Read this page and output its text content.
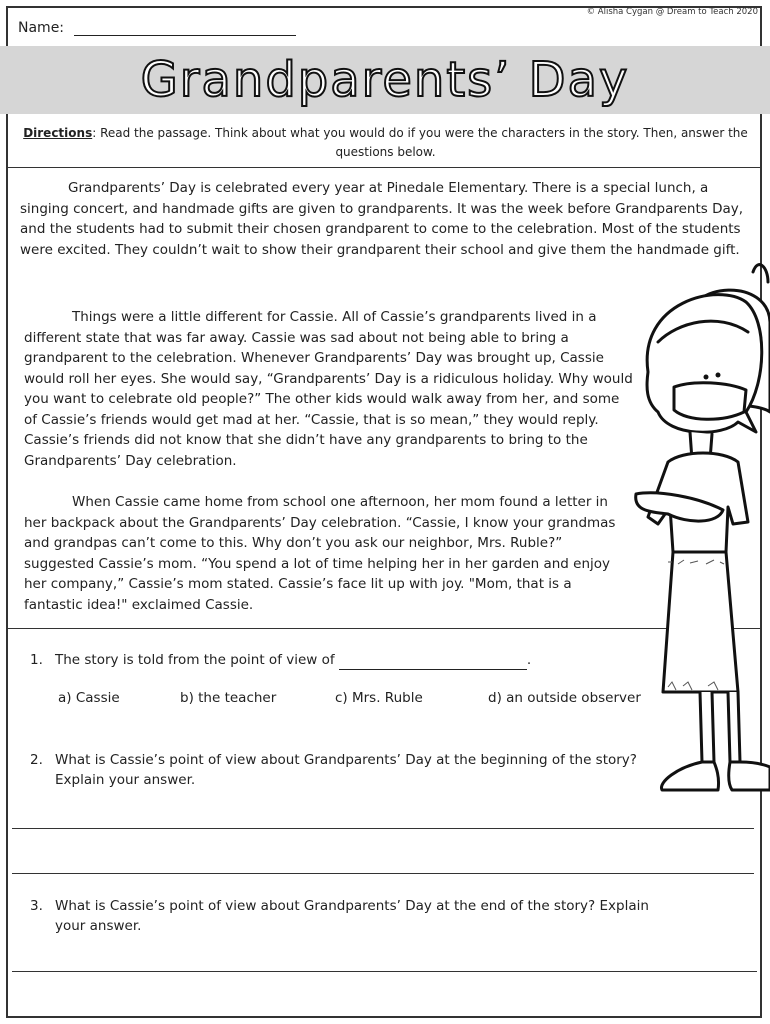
© Alisha Cygan @ Dream to Teach 2020
Name:
Grandparents’ Day
Directions: Read the passage. Think about what you would do if you were the characters in the story. Then, answer the questions below.

Grandparents’ Day is celebrated every year at Pinedale Elementary. There is a special lunch, a singing concert, and handmade gifts are given to grandparents. It was the week before Grandparents Day, and the students had to submit their chosen grandparent to come to the celebration. Most of the students were excited. They couldn’t wait to show their grandparent their school and give them the handmade gift.

Things were a little different for Cassie. All of Cassie’s grandparents lived in a different state that was far away. Cassie was sad about not being able to bring a grandparent to the celebration. Whenever Grandparents’ Day was brought up, Cassie would roll her eyes. She would say, “Grandparents’ Day is a ridiculous holiday. Why would you want to celebrate old people?” The other kids would walk away from her, and some of Cassie’s friends would get mad at her. “Cassie, that is so mean,” they would reply. Cassie’s friends did not know that she didn’t have any grandparents to bring to the Grandparents’ Day celebration.

When Cassie came home from school one afternoon, her mom found a letter in her backpack about the Grandparents’ Day celebration. “Cassie, I know your grandmas and grandpas can’t come to this. Why don’t you ask our neighbor, Mrs. Ruble?” suggested Cassie’s mom. “You spend a lot of time helping her in her garden and enjoy her company,” Cassie’s mom stated. Cassie’s face lit up with joy. "Mom, that is a fantastic idea!" exclaimed Cassie.

1. The story is told from the point of view of	.
a) Cassie	b) the teacher	c) Mrs. Ruble	d) an outside observer
2. What is Cassie’s point of view about Grandparents’ Day at the beginning of the story? Explain your answer.
3. What is Cassie’s point of view about Grandparents’ Day at the end of the story? Explain your answer.
